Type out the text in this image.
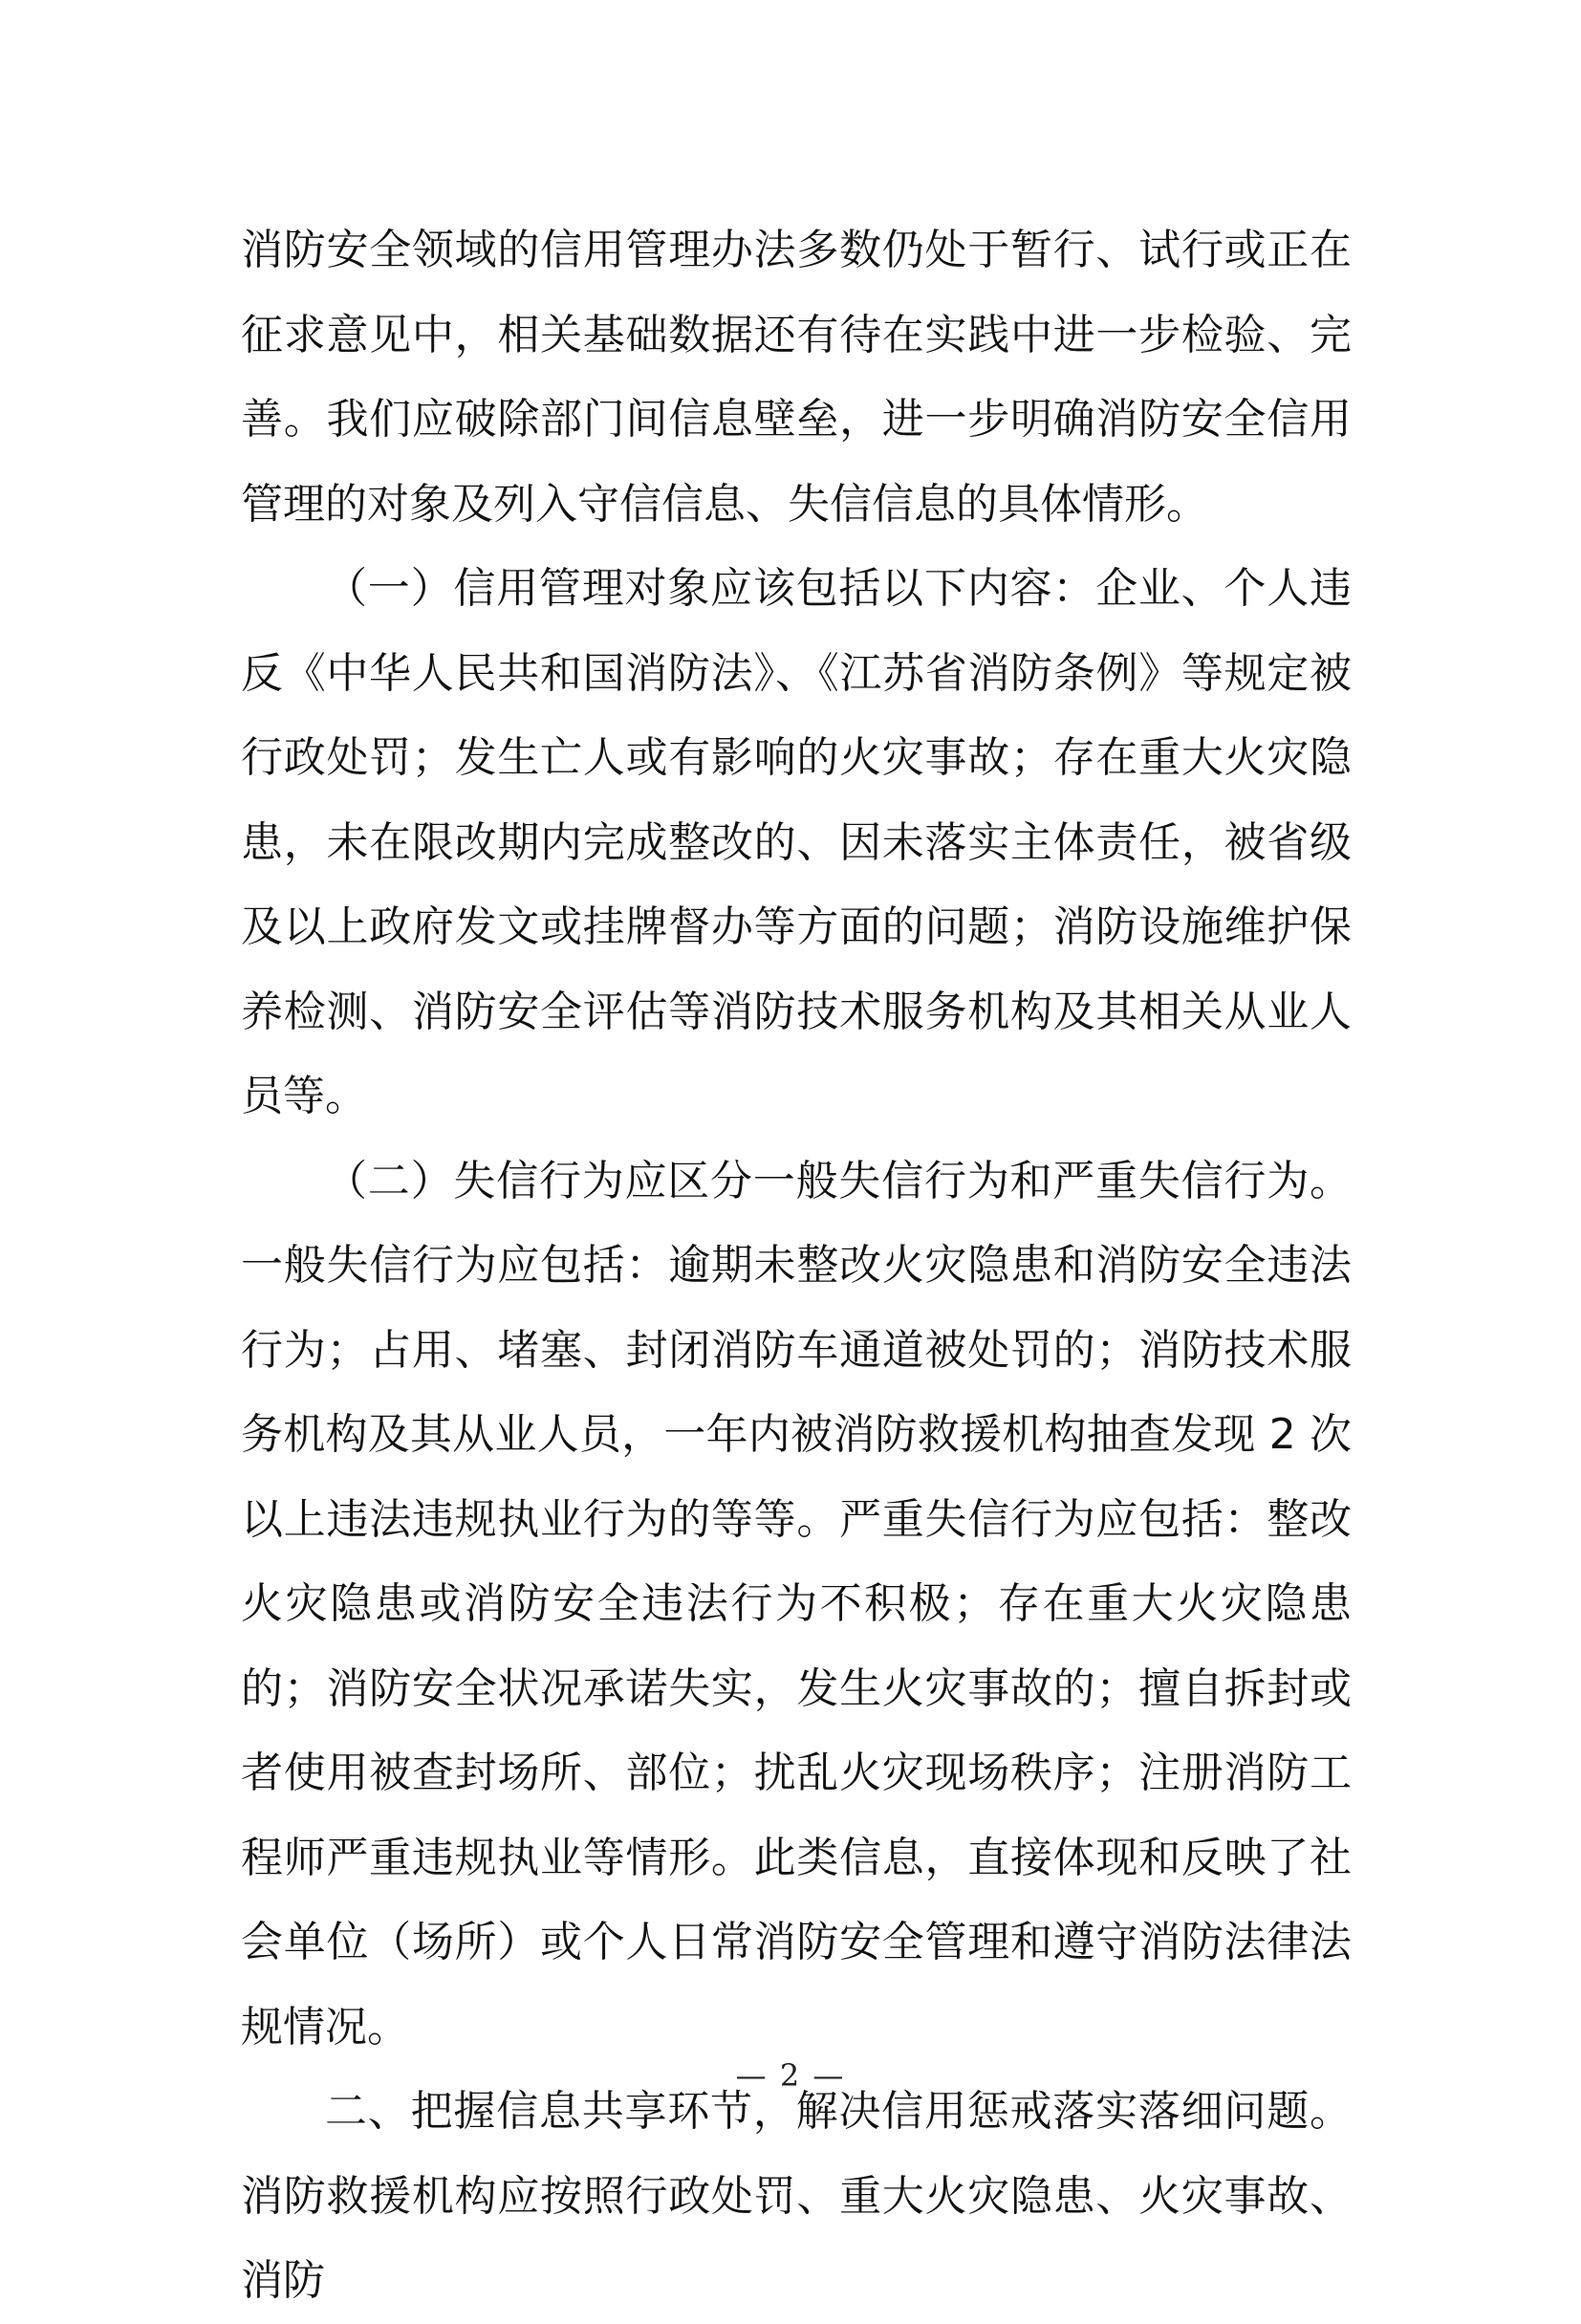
消防安全领域的信用管理办法多数仍处于暂行、试行或正在征求意见中，相关基础数据还有待在实践中进一步检验、完善。我们应破除部门间信息壁垒，进一步明确消防安全信用管理的对象及列入守信信息、失信信息的具体情形。

（一）信用管理对象应该包括以下内容：企业、个人违反《中华人民共和国消防法》、《江苏省消防条例》等规定被行政处罚；发生亡人或有影响的火灾事故；存在重大火灾隐患，未在限改期内完成整改的、因未落实主体责任，被省级及以上政府发文或挂牌督办等方面的问题；消防设施维护保养检测、消防安全评估等消防技术服务机构及其相关从业人员等。

（二）失信行为应区分一般失信行为和严重失信行为。一般失信行为应包括：逾期未整改火灾隐患和消防安全违法行为；占用、堵塞、封闭消防车通道被处罚的；消防技术服务机构及其从业人员，一年内被消防救援机构抽查发现 2 次以上违法违规执业行为的等等。严重失信行为应包括：整改火灾隐患或消防安全违法行为不积极；存在重大火灾隐患的；消防安全状况承诺失实，发生火灾事故的；擅自拆封或者使用被查封场所、部位；扰乱火灾现场秩序；注册消防工程师严重违规执业等情形。此类信息，直接体现和反映了社会单位（场所）或个人日常消防安全管理和遵守消防法律法规情况。

二、把握信息共享环节，解决信用惩戒落实落细问题。消防救援机构应按照行政处罚、重大火灾隐患、火灾事故、消防

— 2 —
